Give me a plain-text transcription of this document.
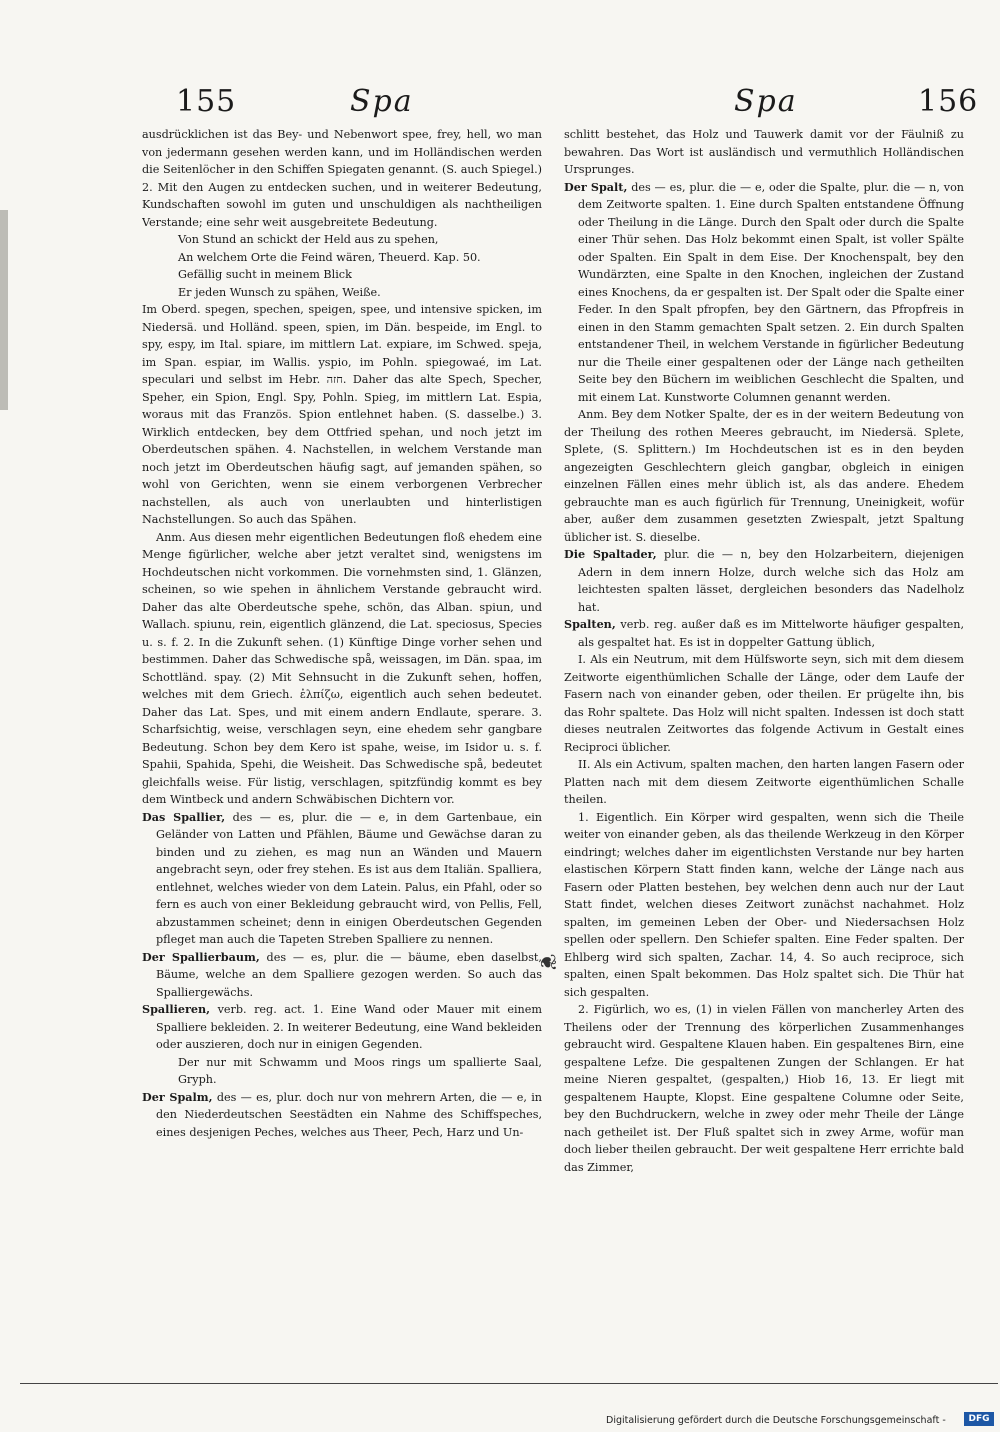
155	Spa	Spa	156

ausdrücklichen ist das Bey- und Nebenwort spee, frey, hell, wo man von jedermann gesehen werden kann, und im Holländischen werden die Seitenlöcher in den Schiffen Spiegaten genannt. (S. auch Spiegel.) 2. Mit den Augen zu entdecken suchen, und in weiterer Bedeutung, Kundschaften sowohl im guten und unschuldigen als nachtheiligen Verstande; eine sehr weit ausgebreitete Bedeutung.

Von Stund an schickt der Held aus zu spehen,

An welchem Orte die Feind wären, Theuerd. Kap. 50.

Gefällig sucht in meinem Blick

Er jeden Wunsch zu spähen, Weiße.

Im Oberd. spegen, spechen, speigen, spee, und intensive spicken, im Niedersä. und Holländ. speen, spien, im Dän. bespeide, im Engl. to spy, espy, im Ital. spiare, im mittlern Lat. expiare, im Schwed. speja, im Span. espiar, im Wallis. yspio, im Pohln. spiegowaé, im Lat. speculari und selbst im Hebr. חזה. Daher das alte Spech, Specher, Speher, ein Spion, Engl. Spy, Pohln. Spieg, im mittlern Lat. Espia, woraus mit das Französ. Spion entlehnet haben. (S. dasselbe.) 3. Wirklich entdecken, bey dem Ottfried spehan, und noch jetzt im Oberdeutschen spähen. 4. Nachstellen, in welchem Verstande man noch jetzt im Oberdeutschen häufig sagt, auf jemanden spähen, so wohl von Gerichten, wenn sie einem verborgenen Verbrecher nachstellen, als auch von unerlaubten und hinterlistigen Nachstellungen. So auch das Spähen.

Anm. Aus diesen mehr eigentlichen Bedeutungen floß ehedem eine Menge figürlicher, welche aber jetzt veraltet sind, wenigstens im Hochdeutschen nicht vorkommen. Die vornehmsten sind, 1. Glänzen, scheinen, so wie spehen in ähnlichem Verstande gebraucht wird. Daher das alte Oberdeutsche spehe, schön, das Alban. spiun, und Wallach. spiunu, rein, eigentlich glänzend, die Lat. speciosus, Species u. s. f. 2. In die Zukunft sehen. (1) Künftige Dinge vorher sehen und bestimmen. Daher das Schwedische spå, weissagen, im Dän. spaa, im Schottländ. spay. (2) Mit Sehnsucht in die Zukunft sehen, hoffen, welches mit dem Griech. ἐλπίζω, eigentlich auch sehen bedeutet. Daher das Lat. Spes, und mit einem andern Endlaute, sperare. 3. Scharfsichtig, weise, verschlagen seyn, eine ehedem sehr gangbare Bedeutung. Schon bey dem Kero ist spahe, weise, im Isidor u. s. f. Spahii, Spahida, Spehi, die Weisheit. Das Schwedische spå, bedeutet gleichfalls weise. Für listig, verschlagen, spitzfündig kommt es bey dem Wintbeck und andern Schwäbischen Dichtern vor.

Das Spallier, des — es, plur. die — e, in dem Gartenbaue, ein Geländer von Latten und Pfählen, Bäume und Gewächse daran zu binden und zu ziehen, es mag nun an Wänden und Mauern angebracht seyn, oder frey stehen. Es ist aus dem Italiän. Spalliera, entlehnet, welches wieder von dem Latein. Palus, ein Pfahl, oder so fern es auch von einer Bekleidung gebraucht wird, von Pellis, Fell, abzustammen scheinet; denn in einigen Oberdeutschen Gegenden pfleget man auch die Tapeten Streben Spalliere zu nennen.

Der Spallierbaum, des — es, plur. die — bäume, eben daselbst, Bäume, welche an dem Spalliere gezogen werden. So auch das Spalliergewächs.

Spallieren, verb. reg. act. 1. Eine Wand oder Mauer mit einem Spalliere bekleiden. 2. In weiterer Bedeutung, eine Wand bekleiden oder auszieren, doch nur in einigen Gegenden.

Der nur mit Schwamm und Moos rings um spallierte Saal, Gryph.

Der Spalm, des — es, plur. doch nur von mehrern Arten, die — e, in den Niederdeutschen Seestädten ein Nahme des Schiffspeches, eines desjenigen Peches, welches aus Theer, Pech, Harz und Un-

schlitt bestehet, das Holz und Tauwerk damit vor der Fäulniß zu bewahren. Das Wort ist ausländisch und vermuthlich Holländischen Ursprunges.

Der Spalt, des — es, plur. die — e, oder die Spalte, plur. die — n, von dem Zeitworte spalten. 1. Eine durch Spalten entstandene Öffnung oder Theilung in die Länge. Durch den Spalt oder durch die Spalte einer Thür sehen. Das Holz bekommt einen Spalt, ist voller Spälte oder Spalten. Ein Spalt in dem Eise. Der Knochenspalt, bey den Wundärzten, eine Spalte in den Knochen, ingleichen der Zustand eines Knochens, da er gespalten ist. Der Spalt oder die Spalte einer Feder. In den Spalt pfropfen, bey den Gärtnern, das Pfropfreis in einen in den Stamm gemachten Spalt setzen. 2. Ein durch Spalten entstandener Theil, in welchem Verstande in figürlicher Bedeutung nur die Theile einer gespaltenen oder der Länge nach getheilten Seite bey den Büchern im weiblichen Geschlecht die Spalten, und mit einem Lat. Kunstworte Columnen genannt werden.

Anm. Bey dem Notker Spalte, der es in der weitern Bedeutung von der Theilung des rothen Meeres gebraucht, im Niedersä. Splete, Splete, (S. Splittern.) Im Hochdeutschen ist es in den beyden angezeigten Geschlechtern gleich gangbar, obgleich in einigen einzelnen Fällen eines mehr üblich ist, als das andere. Ehedem gebrauchte man es auch figürlich für Trennung, Uneinigkeit, wofür aber, außer dem zusammen gesetzten Zwiespalt, jetzt Spaltung üblicher ist. S. dieselbe.

Die Spaltader, plur. die — n, bey den Holzarbeitern, diejenigen Adern in dem innern Holze, durch welche sich das Holz am leichtesten spalten lässet, dergleichen besonders das Nadelholz hat.

Spalten, verb. reg. außer daß es im Mittelworte häufiger gespalten, als gespaltet hat. Es ist in doppelter Gattung üblich,

I. Als ein Neutrum, mit dem Hülfsworte seyn, sich mit dem diesem Zeitworte eigenthümlichen Schalle der Länge, oder dem Laufe der Fasern nach von einander geben, oder theilen. Er prügelte ihn, bis das Rohr spaltete. Das Holz will nicht spalten. Indessen ist doch statt dieses neutralen Zeitwortes das folgende Activum in Gestalt eines Reciproci üblicher.

II. Als ein Activum, spalten machen, den harten langen Fasern oder Platten nach mit dem diesem Zeitworte eigenthümlichen Schalle theilen.

1. Eigentlich. Ein Körper wird gespalten, wenn sich die Theile weiter von einander geben, als das theilende Werkzeug in den Körper eindringt; welches daher im eigentlichsten Verstande nur bey harten elastischen Körpern Statt finden kann, welche der Länge nach aus Fasern oder Platten bestehen, bey welchen denn auch nur der Laut Statt findet, welchen dieses Zeitwort zunächst nachahmet. Holz spalten, im gemeinen Leben der Ober- und Niedersachsen Holz spellen oder spellern. Den Schiefer spalten. Eine Feder spalten. Der Ehlberg wird sich spalten, Zachar. 14, 4. So auch reciproce, sich spalten, einen Spalt bekommen. Das Holz spaltet sich. Die Thür hat sich gespalten.

2. Figürlich, wo es, (1) in vielen Fällen von mancherley Arten des Theilens oder der Trennung des körperlichen Zusammenhanges gebraucht wird. Gespaltene Klauen haben. Ein gespaltenes Birn, eine gespaltene Lefze. Die gespaltenen Zungen der Schlangen. Er hat meine Nieren gespaltet, (gespalten,) Hiob 16, 13. Er liegt mit gespaltenem Haupte, Klopst. Eine gespaltene Columne oder Seite, bey den Buchdruckern, welche in zwey oder mehr Theile der Länge nach getheilet ist. Der Fluß spaltet sich in zwey Arme, wofür man doch lieber theilen gebraucht. Der weit gespaltene Herr errichte bald das Zimmer,

❦
Digitalisierung gefördert durch die Deutsche Forschungsgemeinschaft -	DFG
